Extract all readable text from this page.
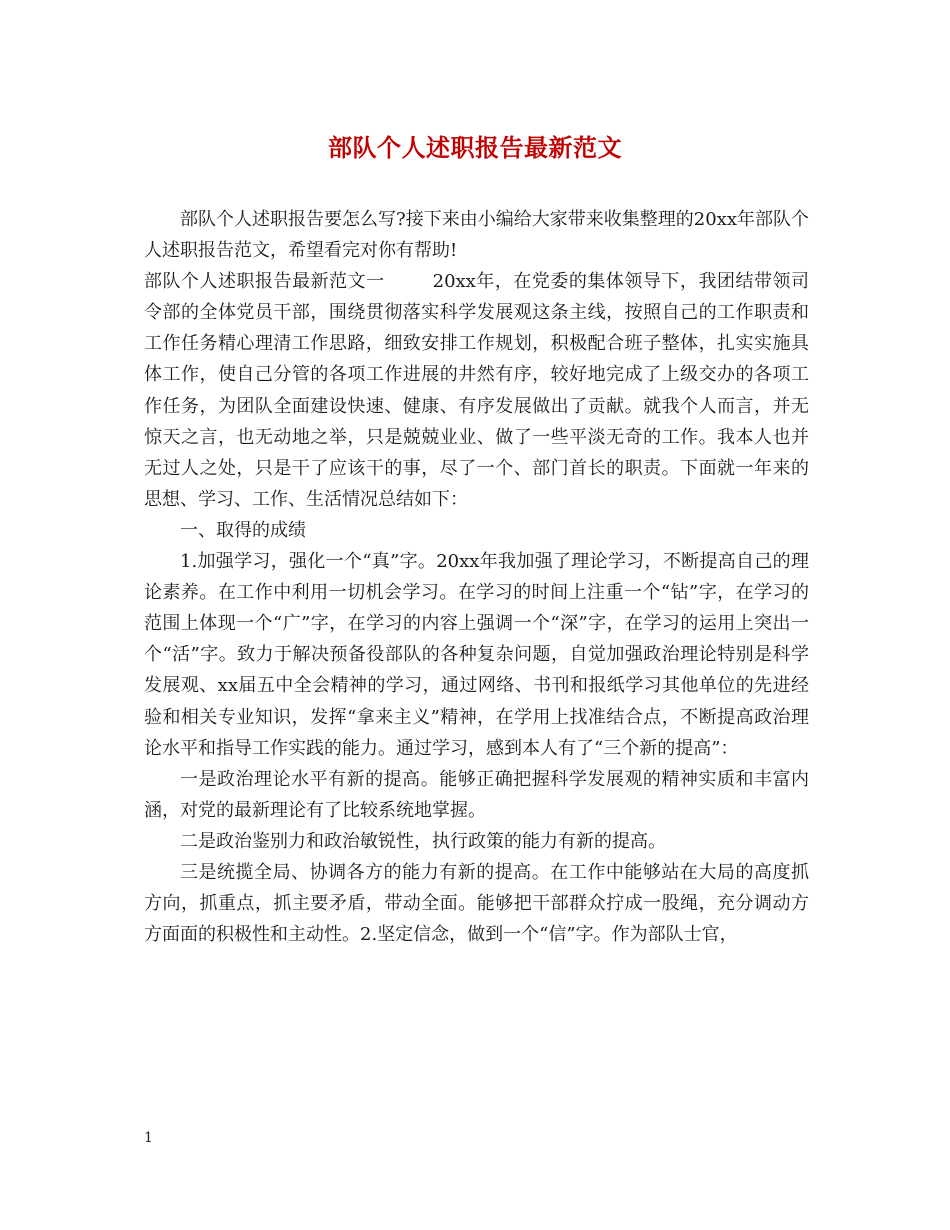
部队个人述职报告最新范文

部队个人述职报告要怎么写?接下来由小编给大家带来收集整理的20xx年部队个人述职报告范文，希望看完对你有帮助!

部队个人述职报告最新范文一	20xx年，在党委的集体领导下，我团结带领司令部的全体党员干部，围绕贯彻落实科学发展观这条主线，按照自己的工作职责和工作任务精心理清工作思路，细致安排工作规划，积极配合班子整体，扎实实施具体工作，使自己分管的各项工作进展的井然有序，较好地完成了上级交办的各项工作任务，为团队全面建设快速、健康、有序发展做出了贡献。就我个人而言，并无惊天之言，也无动地之举，只是兢兢业业、做了一些平淡无奇的工作。我本人也并无过人之处，只是干了应该干的事，尽了一个、部门首长的职责。下面就一年来的思想、学习、工作、生活情况总结如下：

一、取得的成绩

1.加强学习，强化一个“真”字。20xx年我加强了理论学习，不断提高自己的理论素养。在工作中利用一切机会学习。在学习的时间上注重一个“钻”字，在学习的范围上体现一个“广”字，在学习的内容上强调一个“深”字，在学习的运用上突出一个“活”字。致力于解决预备役部队的各种复杂问题，自觉加强政治理论特别是科学发展观、xx届五中全会精神的学习，通过网络、书刊和报纸学习其他单位的先进经验和相关专业知识，发挥“拿来主义”精神，在学用上找准结合点，不断提高政治理论水平和指导工作实践的能力。通过学习，感到本人有了“三个新的提高”：

一是政治理论水平有新的提高。能够正确把握科学发展观的精神实质和丰富内涵，对党的最新理论有了比较系统地掌握。

二是政治鉴别力和政治敏锐性，执行政策的能力有新的提高。

三是统揽全局、协调各方的能力有新的提高。在工作中能够站在大局的高度抓方向，抓重点，抓主要矛盾，带动全面。能够把干部群众拧成一股绳，充分调动方方面面的积极性和主动性。2.坚定信念，做到一个“信”字。作为部队士官，

1
